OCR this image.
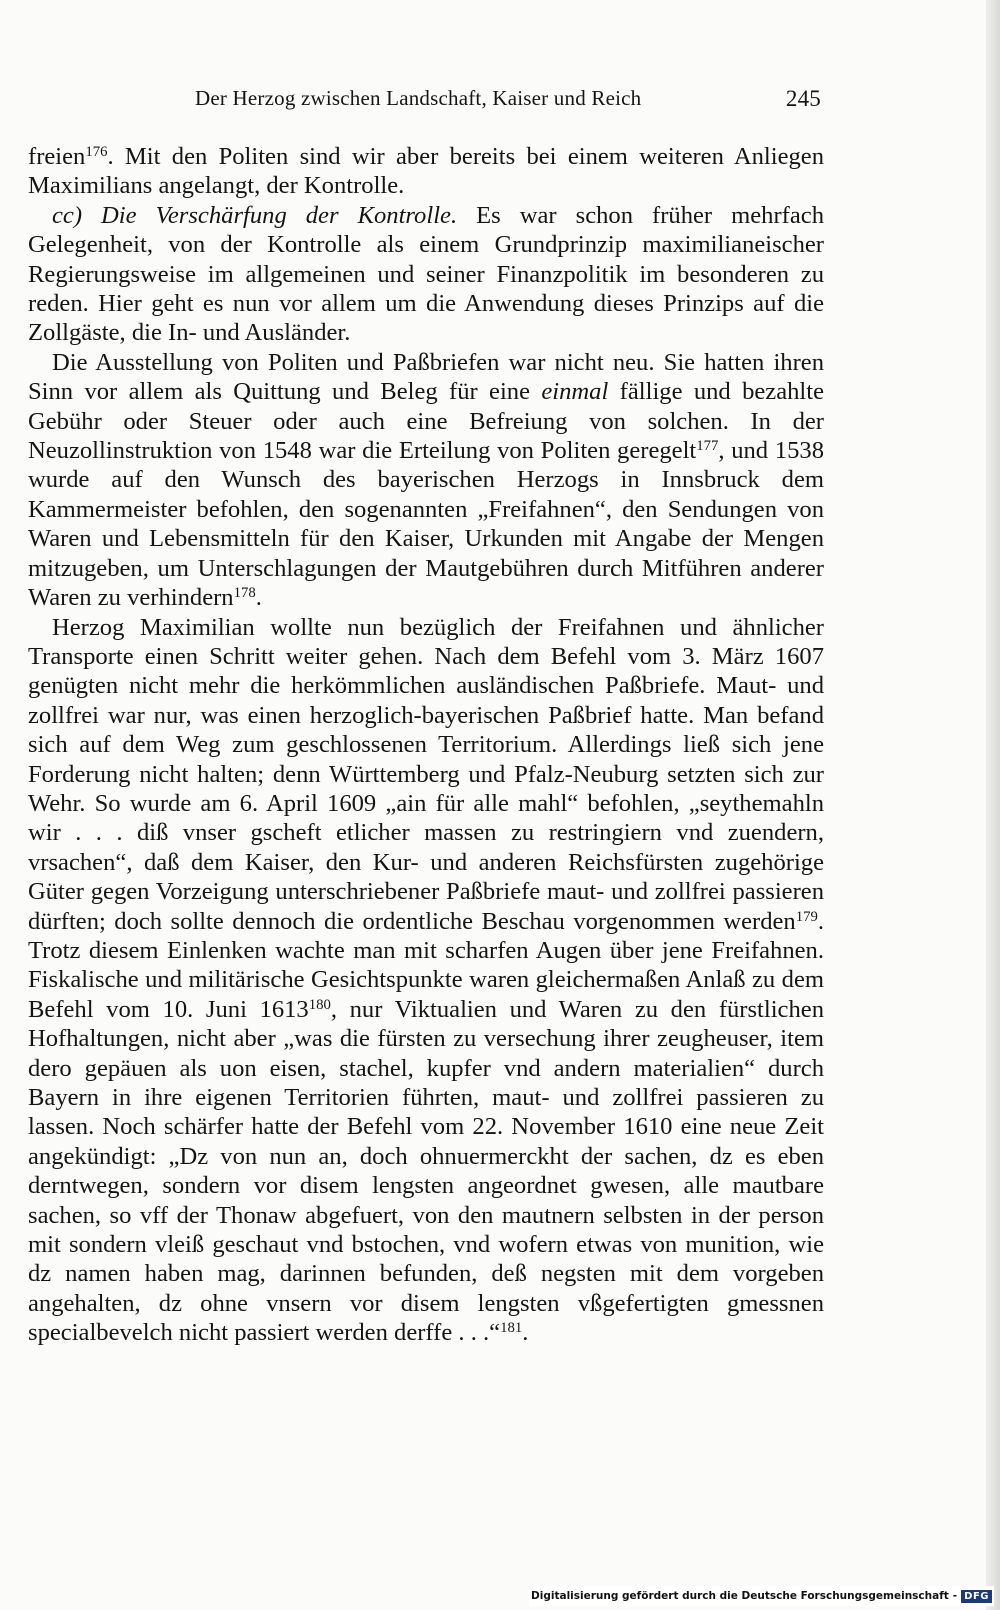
Der Herzog zwischen Landschaft, Kaiser und Reich	245

freien$^{176}$. Mit den Politen sind wir aber bereits bei einem weiteren Anliegen Maximilians angelangt, der Kontrolle.

cc) Die Verschärfung der Kontrolle. Es war schon früher mehrfach Gelegenheit, von der Kontrolle als einem Grundprinzip maximilianeischer Regierungsweise im allgemeinen und seiner Finanzpolitik im besonderen zu reden. Hier geht es nun vor allem um die Anwendung dieses Prinzips auf die Zollgäste, die In- und Ausländer.

Die Ausstellung von Politen und Paßbriefen war nicht neu. Sie hatten ihren Sinn vor allem als Quittung und Beleg für eine einmal fällige und bezahlte Gebühr oder Steuer oder auch eine Befreiung von solchen. In der Neuzollinstruktion von 1548 war die Erteilung von Politen geregelt$^{177}$, und 1538 wurde auf den Wunsch des bayerischen Herzogs in Innsbruck dem Kammermeister befohlen, den sogenannten „Freifahnen“, den Sendungen von Waren und Lebensmitteln für den Kaiser, Urkunden mit Angabe der Mengen mitzugeben, um Unterschlagungen der Mautgebühren durch Mitführen anderer Waren zu verhindern$^{178}$.

Herzog Maximilian wollte nun bezüglich der Freifahnen und ähnlicher Transporte einen Schritt weiter gehen. Nach dem Befehl vom 3. März 1607 genügten nicht mehr die herkömmlichen ausländischen Paßbriefe. Maut- und zollfrei war nur, was einen herzoglich-bayerischen Paßbrief hatte. Man befand sich auf dem Weg zum geschlossenen Territorium. Allerdings ließ sich jene Forderung nicht halten; denn Württemberg und Pfalz-Neuburg setzten sich zur Wehr. So wurde am 6. April 1609 „ain für alle mahl“ befohlen, „seythemahln wir . . . diß vnser gscheft etlicher massen zu restringiern vnd zuendern, vrsachen“, daß dem Kaiser, den Kur- und anderen Reichsfürsten zugehörige Güter gegen Vorzeigung unterschriebener Paßbriefe maut- und zollfrei passieren dürften; doch sollte dennoch die ordentliche Beschau vorgenommen werden$^{179}$. Trotz diesem Einlenken wachte man mit scharfen Augen über jene Freifahnen. Fiskalische und militärische Gesichtspunkte waren gleichermaßen Anlaß zu dem Befehl vom 10. Juni 1613$^{180}$, nur Viktualien und Waren zu den fürstlichen Hofhaltungen, nicht aber „was die fürsten zu versechung ihrer zeugheuser, item dero gepäuen als uon eisen, stachel, kupfer vnd andern materialien“ durch Bayern in ihre eigenen Territorien führten, maut- und zollfrei passieren zu lassen. Noch schärfer hatte der Befehl vom 22. November 1610 eine neue Zeit angekündigt: „Dz von nun an, doch ohnuermerckht der sachen, dz es eben derntwegen, sondern vor disem lengsten angeordnet gwesen, alle mautbare sachen, so vff der Thonaw abgefuert, von den mautnern selbsten in der person mit sondern vleiß geschaut vnd bstochen, vnd wofern etwas von munition, wie dz namen haben mag, darinnen befunden, deß negsten mit dem vorgeben angehalten, dz ohne vnsern vor disem lengsten vßgefertigten gmessnen specialbevelch nicht passiert werden derffe . . .“$^{181}$.

Digitalisierung gefördert durch die Deutsche Forschungsgemeinschaft - DFG
